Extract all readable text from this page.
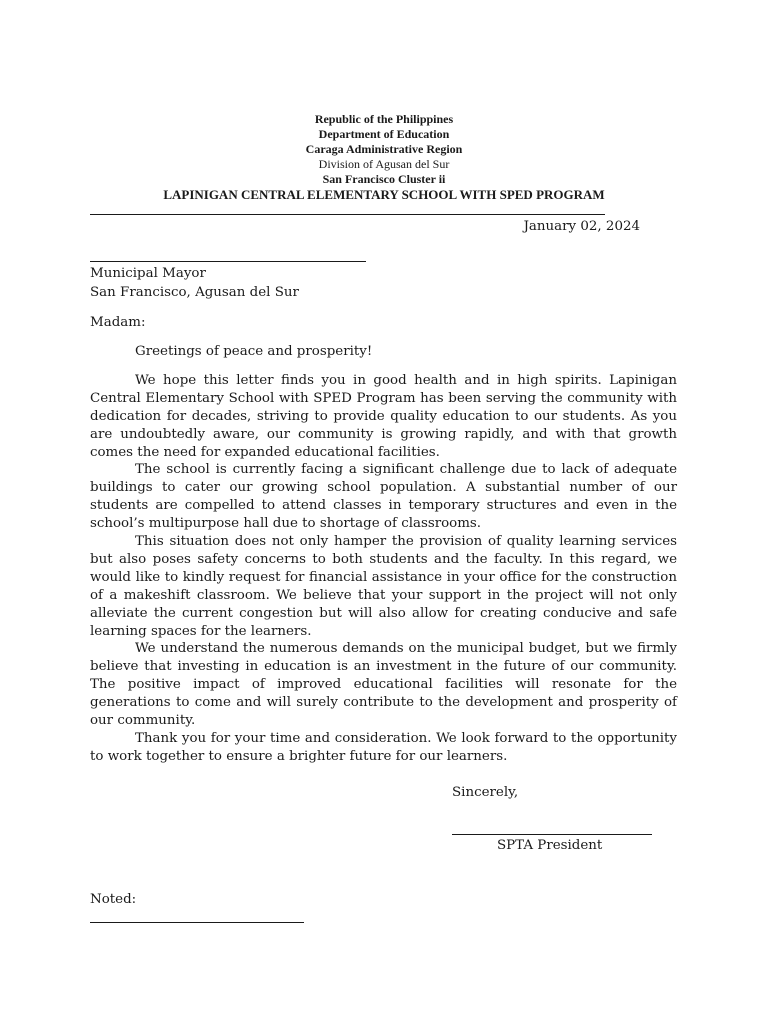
Republic of the Philippines
Department of Education
Caraga Administrative Region
Division of Agusan del Sur
San Francisco Cluster ii
LAPINIGAN CENTRAL ELEMENTARY SCHOOL WITH SPED PROGRAM
January 02, 2024
Municipal Mayor
San Francisco, Agusan del Sur
Madam:
Greetings of peace and prosperity!

We hope this letter finds you in good health and in high spirits. Lapinigan Central Elementary School with SPED Program has been serving the community with dedication for decades, striving to provide quality education to our students. As you are undoubtedly aware, our community is growing rapidly, and with that growth comes the need for expanded educational facilities.

The school is currently facing a significant challenge due to lack of adequate buildings to cater our growing school population. A substantial number of our students are compelled to attend classes in temporary structures and even in the school’s multipurpose hall due to shortage of classrooms.

This situation does not only hamper the provision of quality learning services but also poses safety concerns to both students and the faculty. In this regard, we would like to kindly request for financial assistance in your office for the construction of a makeshift classroom. We believe that your support in the project will not only alleviate the current congestion but will also allow for creating conducive and safe learning spaces for the learners.

We understand the numerous demands on the municipal budget, but we firmly believe that investing in education is an investment in the future of our community. The positive impact of improved educational facilities will resonate for the generations to come and will surely contribute to the development and prosperity of our community.

Thank you for your time and consideration. We look forward to the opportunity to work together to ensure a brighter future for our learners.

Sincerely,
SPTA President
Noted:
